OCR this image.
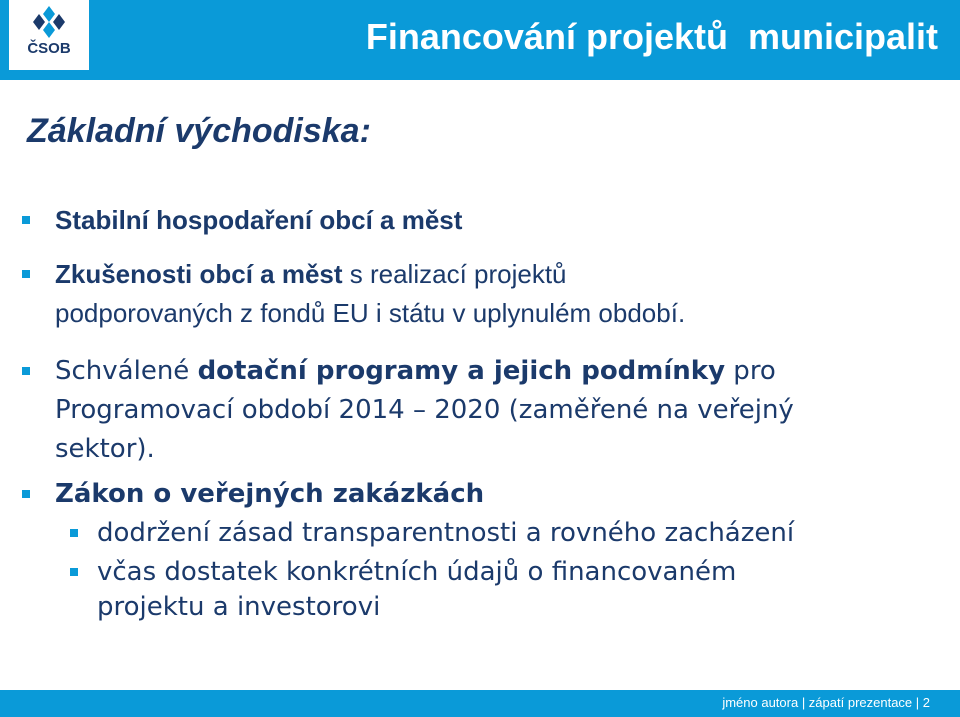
ČSOB	Financování projektů  municipalit
Základní východiska:
Stabilní hospodaření obcí a měst
Zkušenosti obcí a měst s realizací projektů
podporovaných z fondů EU i státu v uplynulém období.
Schválené dotační programy a jejich podmínky pro
Programovací období 2014 – 2020 (zaměřené na veřejný
sektor).
Zákon o veřejných zakázkách
dodržení zásad transparentnosti a rovného zacházení
včas dostatek konkrétních údajů o financovaném
projektu a investorovi
jméno autora | zápatí prezentace | 2
